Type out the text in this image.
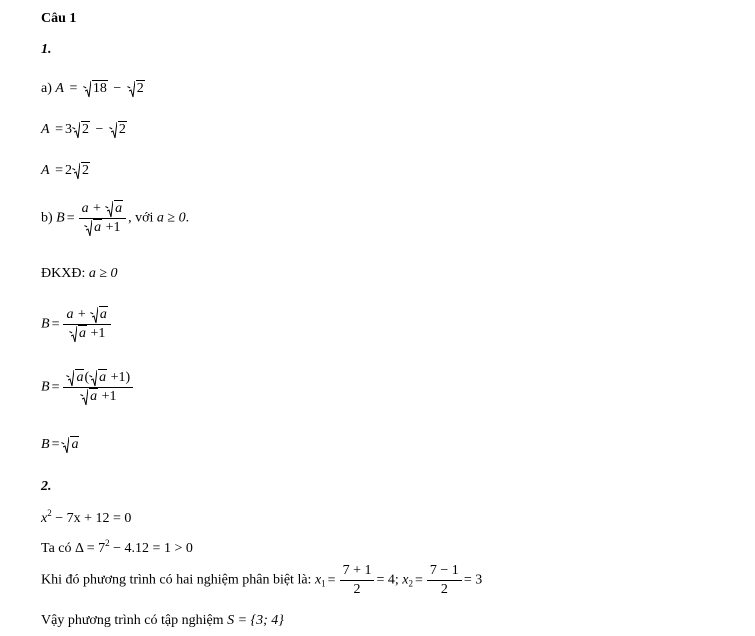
Câu 1
1.
a) A = 18 − 2
A = 3 2 − 2
A = 2 2
b) B = a +
a
a +1 , với a ≥ 0.
ĐKXĐ: a ≥ 0
B = a +
a
a +1
$B = \frac{a( a +1)}{a +1}$
B = a
2.
$x^2 - 7x + 12 = 0$
Ta có $\Delta = 7^2 - 4.12 = 1 > 0$
Khi đó phương trình có hai nghiệm phân biệt là: $x_1 = \frac{7 + 1}{2} = 4$; $x_2 = \frac{7 - 1}{2} = 3$
Vậy phương trình có tập nghiệm S = {3; 4}
